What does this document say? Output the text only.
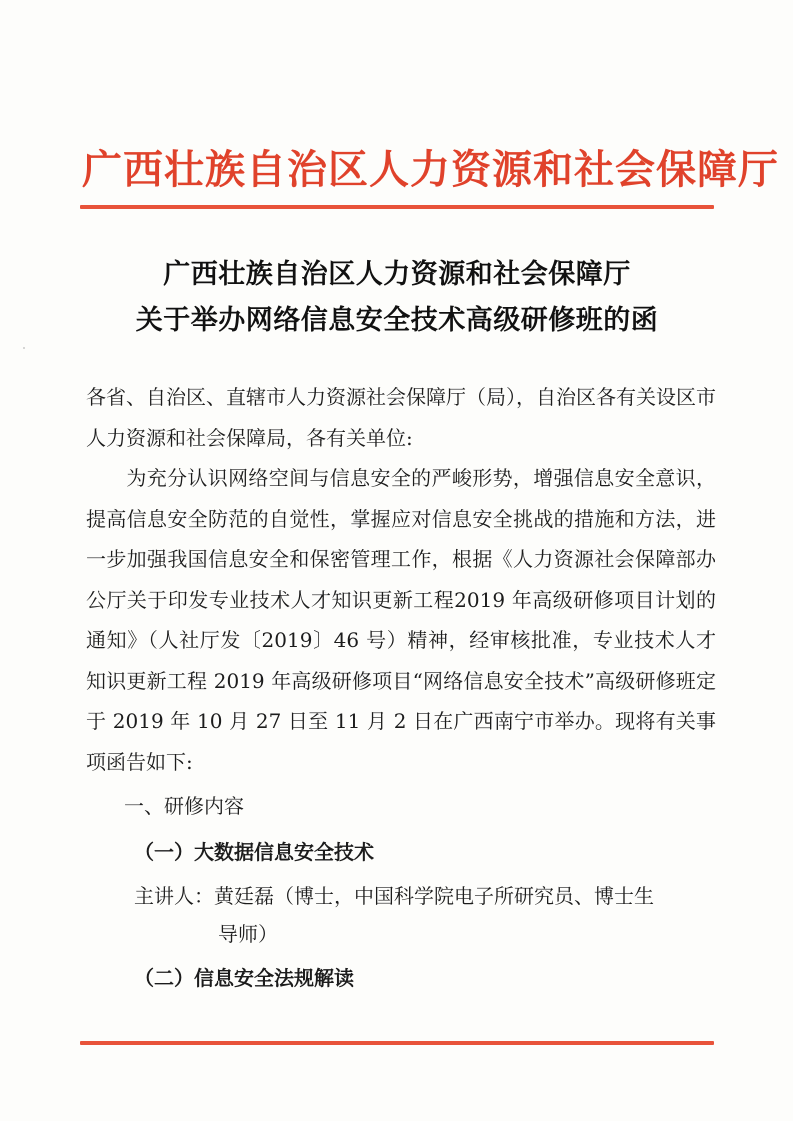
广西壮族自治区人力资源和社会保障厅
广西壮族自治区人力资源和社会保障厅
关于举办网络信息安全技术高级研修班的函
各省、自治区、直辖市人力资源社会保障厅（局），自治区各有关设区市人力资源和社会保障局，各有关单位:
为充分认识网络空间与信息安全的严峻形势，增强信息安全意识，提高信息安全防范的自觉性，掌握应对信息安全挑战的措施和方法，进一步加强我国信息安全和保密管理工作，根据《人力资源社会保障部办公厅关于印发专业技术人才知识更新工程2019 年高级研修项目计划的通知》（人社厅发〔2019〕46 号）精神，经审核批准，专业技术人才知识更新工程 2019 年高级研修项目“网络信息安全技术”高级研修班定于 2019 年 10 月 27 日至 11 月 2 日在广西南宁市举办。现将有关事项函告如下:
一、研修内容
（一）大数据信息安全技术
主讲人：黄廷磊（博士，中国科学院电子所研究员、博士生
导师）
（二）信息安全法规解读
